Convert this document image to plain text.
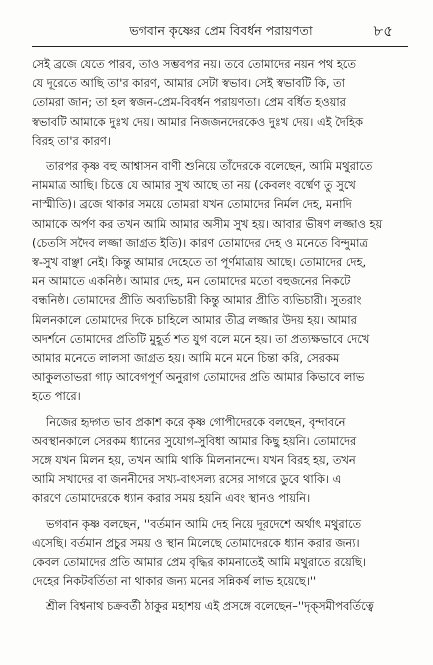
ভগবান কৃষ্ণের প্রেম বিবর্ধন পরায়ণতা	৮৫
সেই ব্রজে যেতে পারব, তাও সম্ভবপর নয়। তবে তোমাদের নয়ন পথ হতে
যে দূরেতে আছি তা'র কারণ, আমার সেটা স্বভাব। সেই স্বভাবটি কি, তা
তোমরা জান; তা হল স্বজন-প্রেম-বিবর্ধন পরায়ণতা। প্রেম বর্ধিত হওয়ার
স্বভাবটি আমাকে দুঃখ দেয়। আমার নিজজনদেরকেও দুঃখ দেয়। এই দৈহিক
বিরহ তা'র কারণ।
তারপর কৃষ্ণ বহু আশ্বাসন বাণী শুনিয়ে তাঁদেরকে বলেছেন, আমি মথুরাতে
নামমাত্র আছি। চিত্তে যে আমার সুখ আছে তা নয় (কেবলং বর্ষ্মেণ তু সুখে
নাস্মীতি)। ব্রজে থাকার সময়ে তোমরা যখন তোমাদের নির্মল দেহ, মনাদি
আমাকে অর্পণ কর তখন আমি আমার অসীম সুখ হয়। আবার ভীষণ লজ্জাও হয়
(চেতসি সদৈব লজ্জা জাগ্রত ইতি)। কারণ তোমাদের দেহ ও মনেতে বিন্দুমাত্র
স্ব-সুখ বাঞ্ছা নেই। কিন্তু আমার দেহেতে তা পূর্ণমাত্রায় আছে। তোমাদের দেহ,
মন আমাতে একনিষ্ঠ। আমার দেহ, মন তোমাদের মতো বহুজনের নিকটে
বন্ধনিষ্ঠ। তোমাদের প্রীতি অব্যভিচারী কিন্তু আমার প্রীতি ব্যভিচারী। সুতরাং
মিলনকালে তোমাদের দিকে চাহিলে আমার তীব্র লজ্জার উদয় হয়। আমার
অদর্শনে তোমাদের প্রতিটি মুহূর্ত শত যুগ বলে মনে হয়। তা প্রত্যক্ষভাবে দেখে
আমার মনেতে লালসা জাগ্রত হয়। আমি মনে মনে চিন্তা করি, সেরকম
আকুলতাভরা গাঢ় আবেগপূর্ণ অনুরাগ তোমাদের প্রতি আমার কিভাবে লাভ
হতে পারে।
নিজের হৃদ্গত ভাব প্রকাশ করে কৃষ্ণ গোপীদেরকে বলছেন, বৃন্দাবনে
অবস্থানকালে সেরকম ধ্যানের সুযোগ-সুবিধা আমার কিছু হয়নি। তোমাদের
সঙ্গে যখন মিলন হয়, তখন আমি থাকি মিলনানন্দে। যখন বিরহ হয়, তখন
আমি সখাদের বা জননীদের সখ্য-বাৎসল্য রসের সাগরে ডুবে থাকি। এ
কারণে তোমাদেরকে ধ্যান করার সময় হয়নি এবং স্থানও পায়নি।
ভগবান কৃষ্ণ বলছেন, ''বর্তমান আমি দেহ নিয়ে দূরদেশে অর্থাৎ মথুরাতে
এসেছি। বর্তমান প্রচুর সময় ও স্থান মিলেছে তোমাদেরকে ধ্যান করার জন্য।
কেবল তোমাদের প্রতি আমার প্রেম বৃদ্ধির কামনাতেই আমি মথুরাতে রয়েছি।
দেহের নিকটবর্তিতা না থাকার জন্য মনের সন্নিকর্ষ লাভ হয়েছে।''
শ্রীল বিশ্বনাথ চক্রবর্তী ঠাকুর মহাশয় এই প্রসঙ্গে বলেছেন–''দৃক্‌সমীপবর্তিত্বে
